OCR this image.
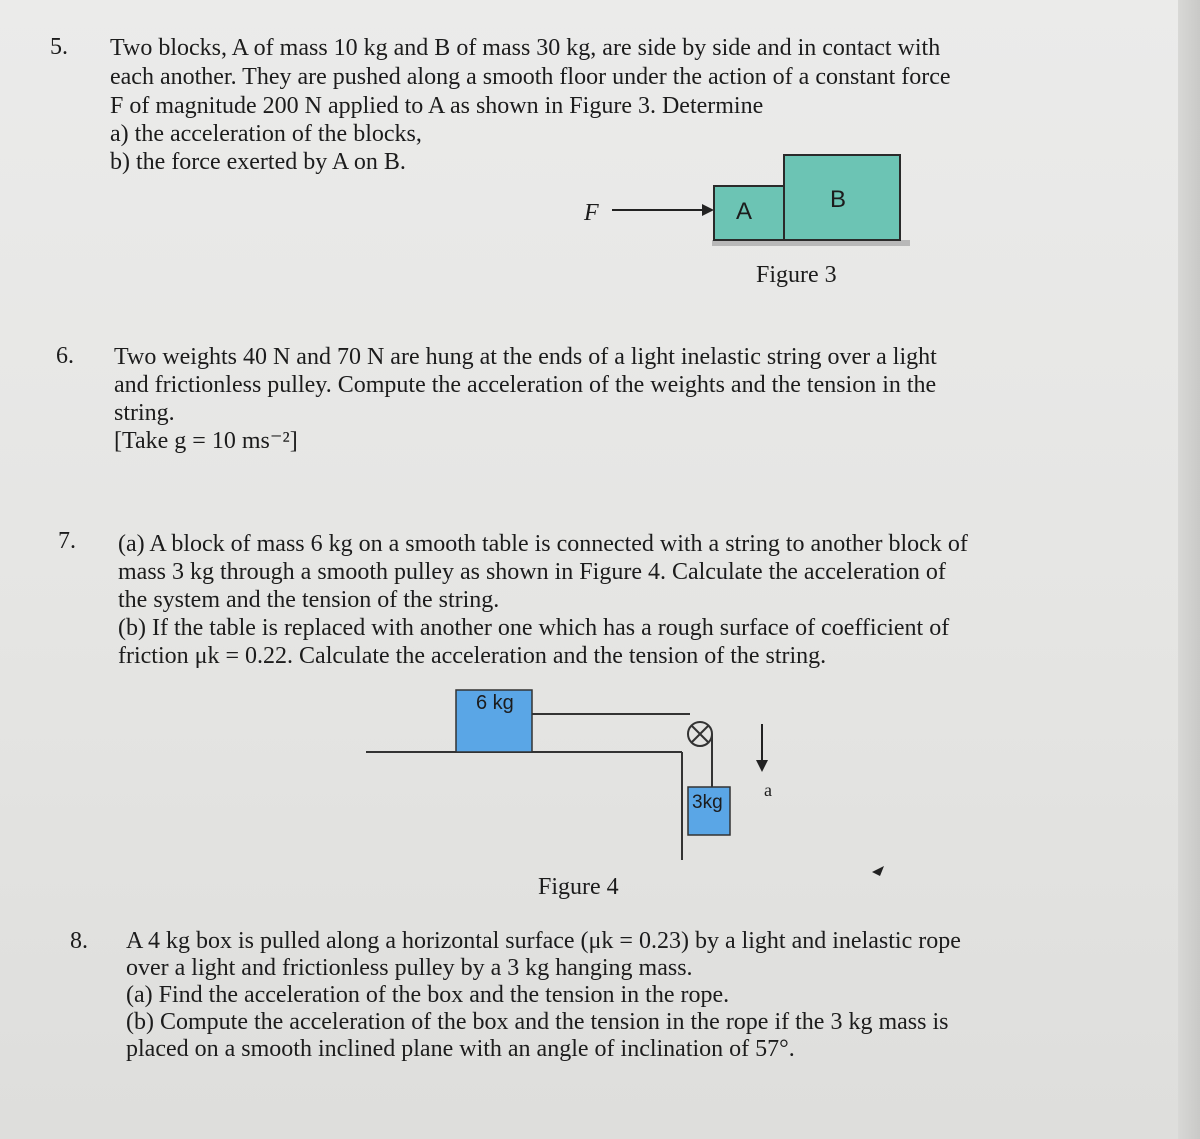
5. Two blocks, A of mass 10 kg and B of mass 30 kg, are side by side and in contact with
each another. They are pushed along a smooth floor under the action of a constant force
F of magnitude 200 N applied to A as shown in Figure 3. Determine
a) the acceleration of the blocks,
b) the force exerted by A on B.
F	A	B
Figure 3
6. Two weights 40 N and 70 N are hung at the ends of a light inelastic string over a light
and frictionless pulley. Compute the acceleration of the weights and the tension in the
string.
[Take g = 10 ms⁻²]
7. (a) A block of mass 6 kg on a smooth table is connected with a string to another block of
mass 3 kg through a smooth pulley as shown in Figure 4. Calculate the acceleration of
the system and the tension of the string.
(b) If the table is replaced with another one which has a rough surface of coefficient of
friction μk = 0.22. Calculate the acceleration and the tension of the string.
6 kg
3kg
a
Figure 4
8. A 4 kg box is pulled along a horizontal surface (μk = 0.23) by a light and inelastic rope
over a light and frictionless pulley by a 3 kg hanging mass.
(a) Find the acceleration of the box and the tension in the rope.
(b) Compute the acceleration of the box and the tension in the rope if the 3 kg mass is
placed on a smooth inclined plane with an angle of inclination of 57°.
